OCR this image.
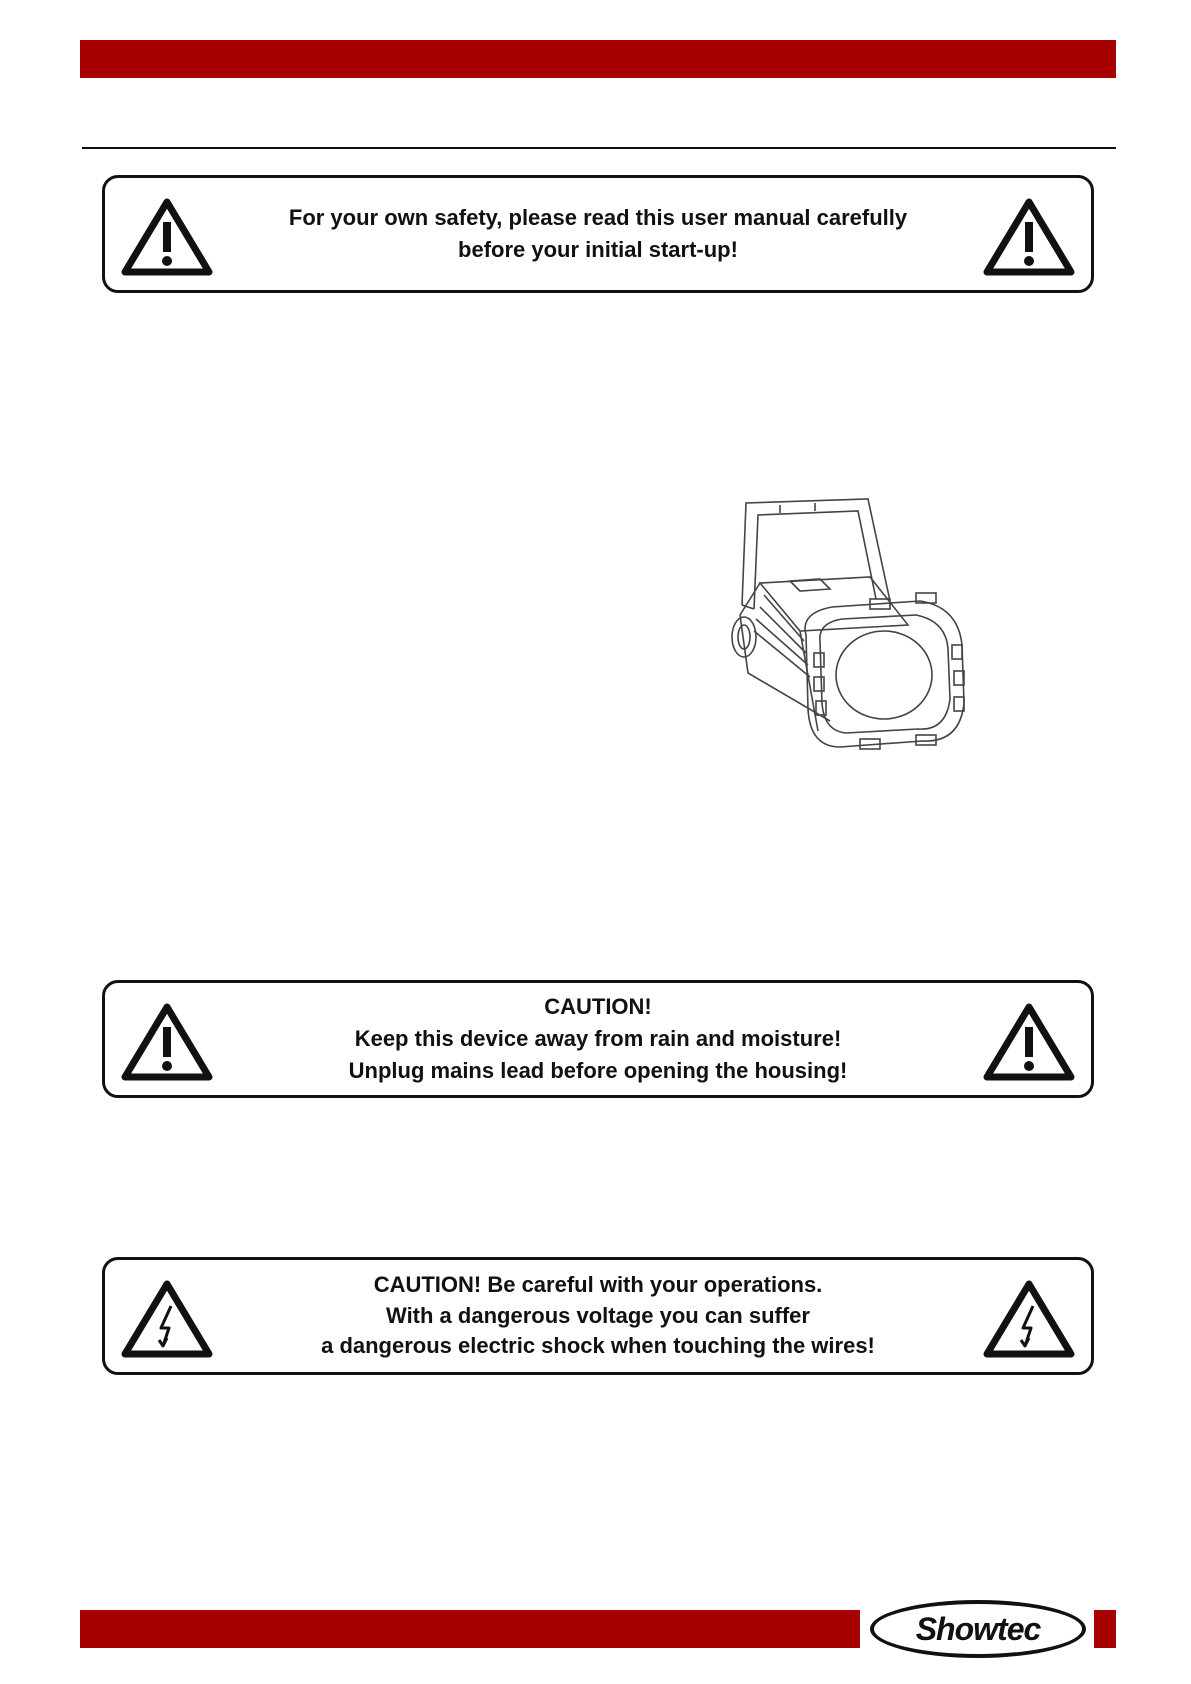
For your own safety, please read this user manual carefully
before your initial start-up!
CAUTION!
Keep this device away from rain and moisture!
Unplug mains lead before opening the housing!
CAUTION! Be careful with your operations.
With a dangerous voltage you can suffer
a dangerous electric shock when touching the wires!
Showtec
